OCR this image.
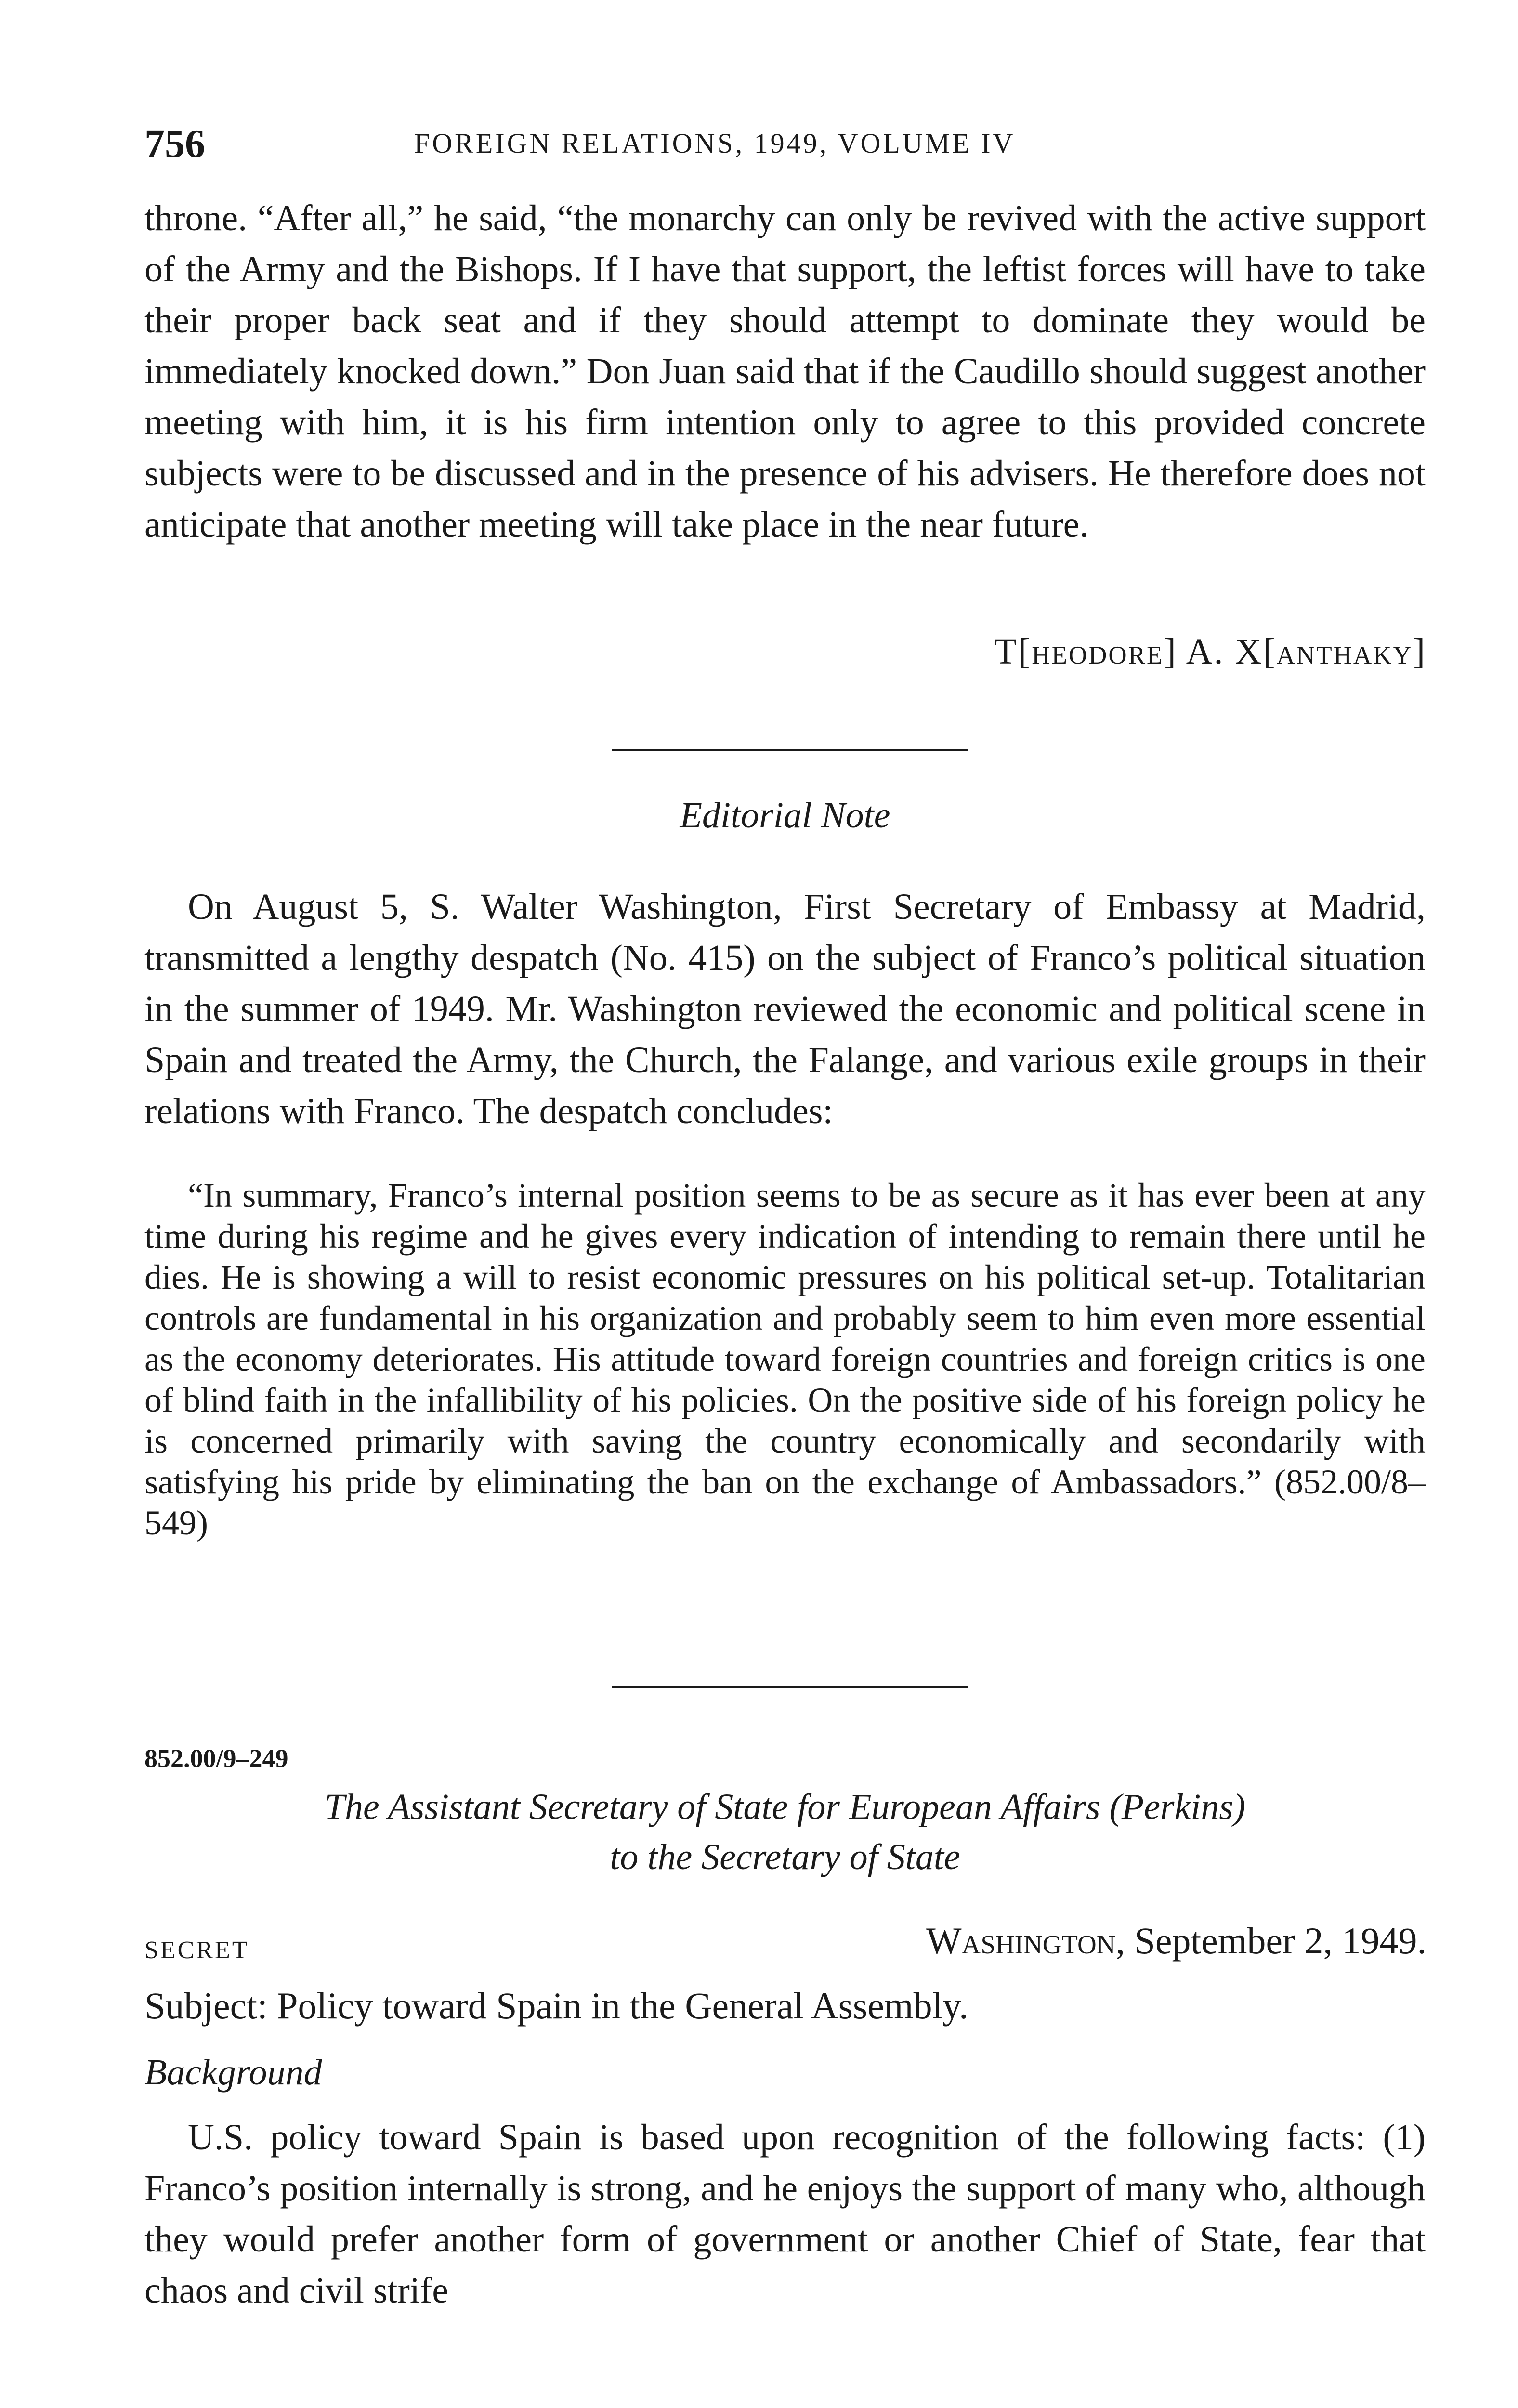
756	FOREIGN RELATIONS, 1949, VOLUME IV

throne. “After all,” he said, “the monarchy can only be revived with the active support of the Army and the Bishops. If I have that support, the leftist forces will have to take their proper back seat and if they should attempt to dominate they would be immediately knocked down.” Don Juan said that if the Caudillo should suggest another meeting with him, it is his firm intention only to agree to this provided concrete subjects were to be discussed and in the presence of his advisers. He therefore does not anticipate that another meeting will take place in the near future.

T[heodore] A. X[anthaky]
Editorial Note

On August 5, S. Walter Washington, First Secretary of Embassy at Madrid, transmitted a lengthy despatch (No. 415) on the subject of Franco’s political situation in the summer of 1949. Mr. Washington reviewed the economic and political scene in Spain and treated the Army, the Church, the Falange, and various exile groups in their relations with Franco. The despatch concludes:

“In summary, Franco’s internal position seems to be as secure as it has ever been at any time during his regime and he gives every indication of intending to remain there until he dies. He is showing a will to resist economic pressures on his political set-up. Totalitarian controls are fundamental in his organization and probably seem to him even more essential as the economy deteriorates. His attitude toward foreign countries and foreign critics is one of blind faith in the infallibility of his policies. On the positive side of his foreign policy he is concerned primarily with saving the country economically and secondarily with satisfying his pride by eliminating the ban on the exchange of Ambassadors.” (852.00/8–549)

852.00/9–249
The Assistant Secretary of State for European Affairs (Perkins)
to the Secretary of State
SECRET	Washington, September 2, 1949.
Subject: Policy toward Spain in the General Assembly.
Background

U.S. policy toward Spain is based upon recognition of the following facts: (1) Franco’s position internally is strong, and he enjoys the support of many who, although they would prefer another form of government or another Chief of State, fear that chaos and civil strife
